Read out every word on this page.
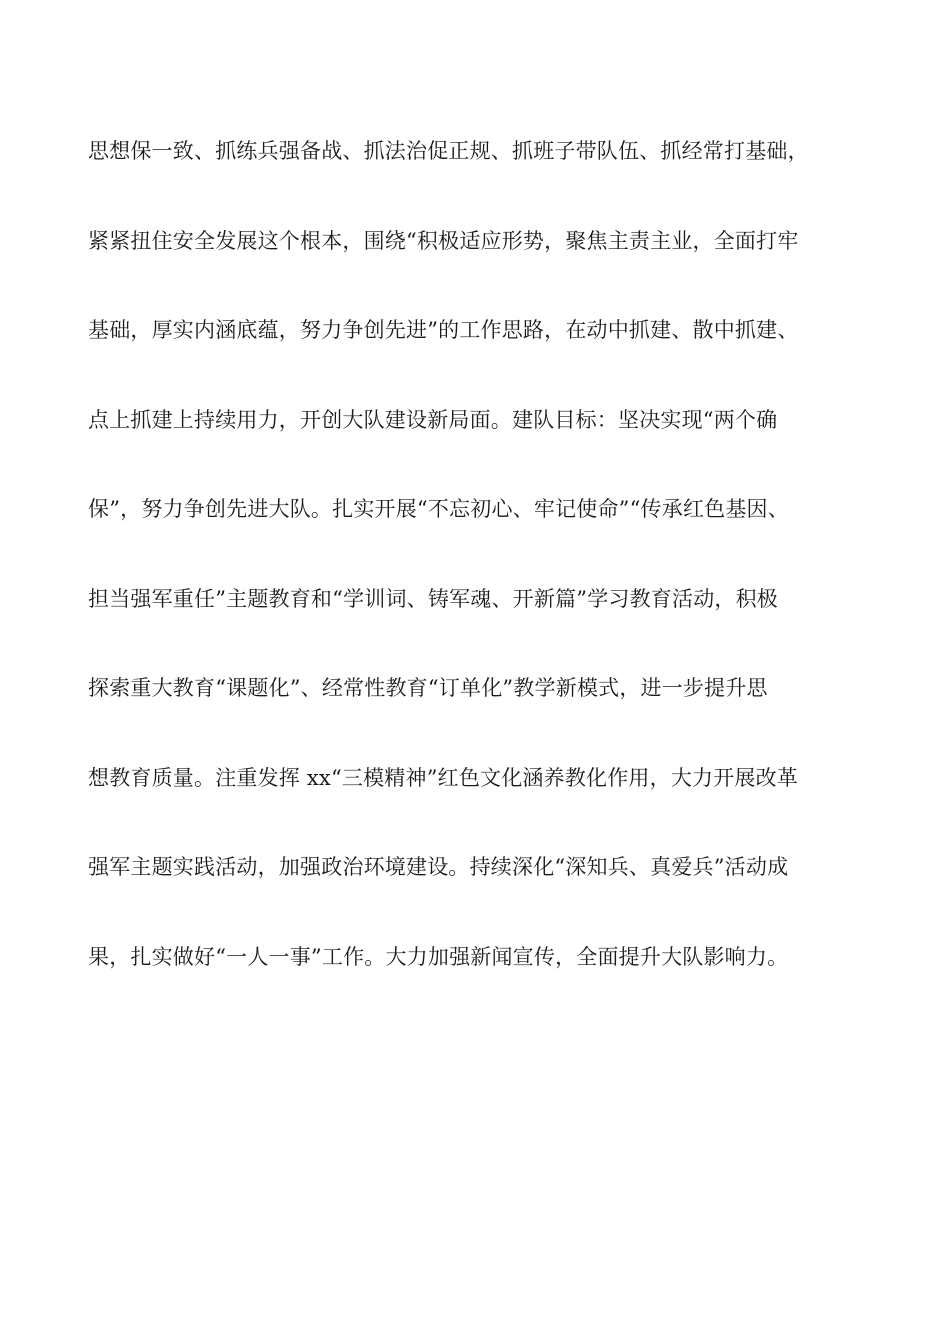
思想保一致、抓练兵强备战、抓法治促正规、抓班子带队伍、抓经常打基础，
紧紧扭住安全发展这个根本，围绕“积极适应形势，聚焦主责主业，全面打牢
基础，厚实内涵底蕴，努力争创先进”的工作思路，在动中抓建、散中抓建、
点上抓建上持续用力，开创大队建设新局面。建队目标：坚决实现“两个确
保”，努力争创先进大队。扎实开展“不忘初心、牢记使命”“传承红色基因、
担当强军重任”主题教育和“学训词、铸军魂、开新篇”学习教育活动，积极
探索重大教育“课题化”、经常性教育“订单化”教学新模式，进一步提升思
想教育质量。注重发挥 xx“三模精神”红色文化涵养教化作用，大力开展改革
强军主题实践活动，加强政治环境建设。持续深化“深知兵、真爱兵”活动成
果，扎实做好“一人一事”工作。大力加强新闻宣传，全面提升大队影响力。
